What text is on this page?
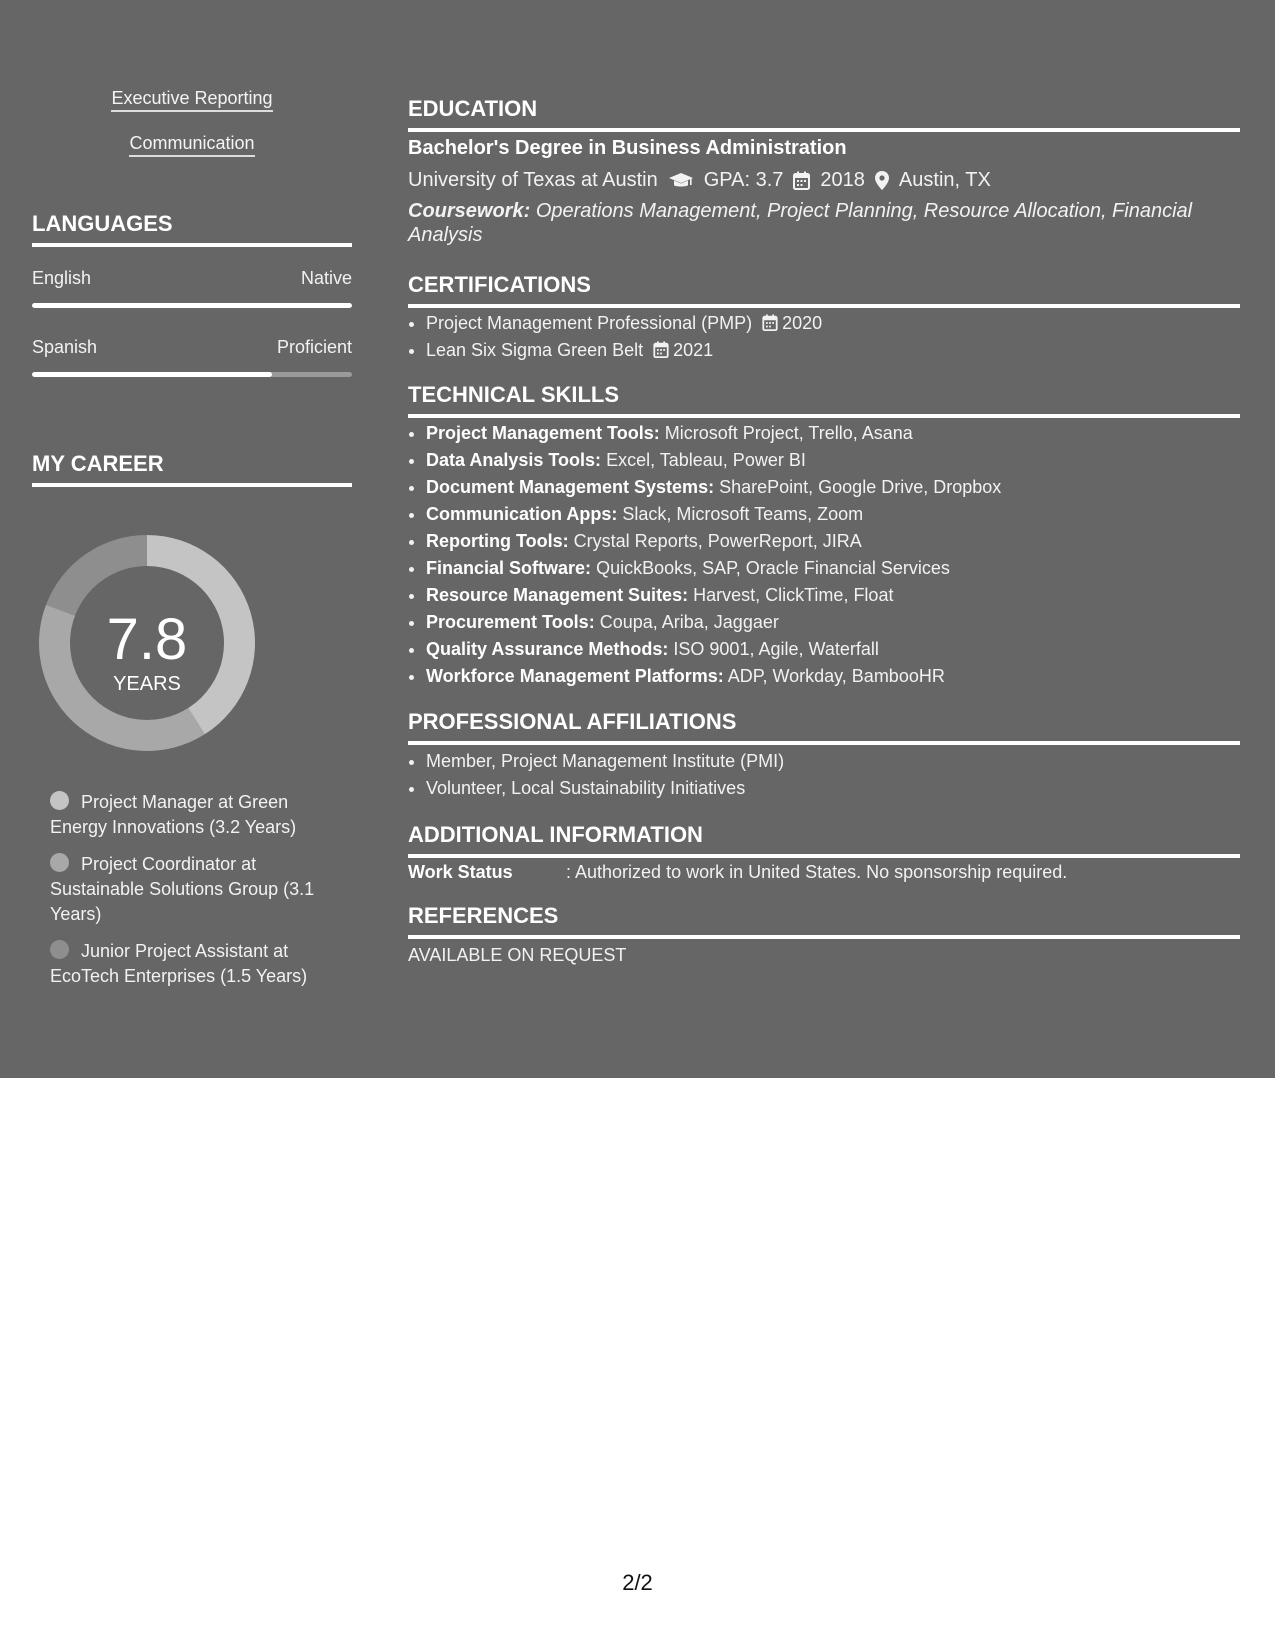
Executive Reporting
Communication
LANGUAGES
English	Native
Spanish	Proficient
MY CAREER
7.8
YEARS
Project Manager at Green Energy Innovations (3.2 Years)
Project Coordinator at Sustainable Solutions Group (3.1 Years)
Junior Project Assistant at EcoTech Enterprises (1.5 Years)
EDUCATION
Bachelor's Degree in Business Administration
University of Texas at Austin GPA: 3.7 2018 Austin, TX
Coursework: Operations Management, Project Planning, Resource Allocation, Financial Analysis
CERTIFICATIONS
• Project Management Professional (PMP) 2020
• Lean Six Sigma Green Belt 2021
TECHNICAL SKILLS
• Project Management Tools: Microsoft Project, Trello, Asana
• Data Analysis Tools: Excel, Tableau, Power BI
• Document Management Systems: SharePoint, Google Drive, Dropbox
• Communication Apps: Slack, Microsoft Teams, Zoom
• Reporting Tools: Crystal Reports, PowerReport, JIRA
• Financial Software: QuickBooks, SAP, Oracle Financial Services
• Resource Management Suites: Harvest, ClickTime, Float
• Procurement Tools: Coupa, Ariba, Jaggaer
• Quality Assurance Methods: ISO 9001, Agile, Waterfall
• Workforce Management Platforms: ADP, Workday, BambooHR
PROFESSIONAL AFFILIATIONS
• Member, Project Management Institute (PMI)
• Volunteer, Local Sustainability Initiatives
ADDITIONAL INFORMATION
Work Status	: Authorized to work in United States. No sponsorship required.
REFERENCES
AVAILABLE ON REQUEST
2/2
